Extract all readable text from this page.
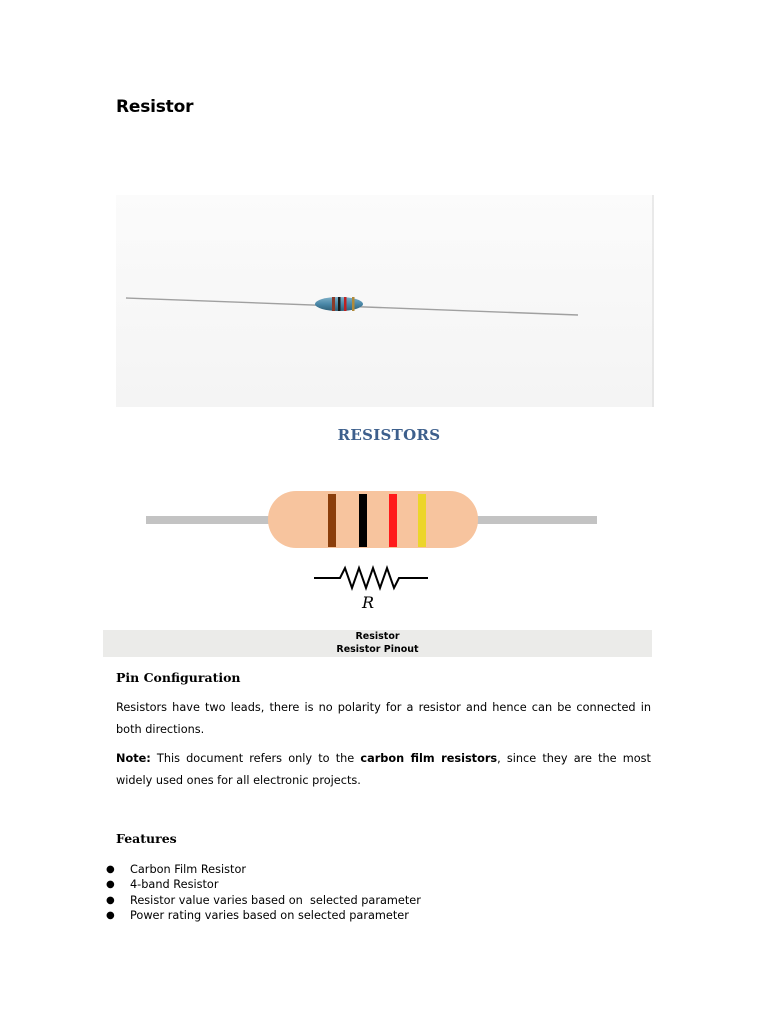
Resistor
RESISTORS
R
Resistor
Resistor Pinout
Pin Configuration
Resistors have two leads, there is no polarity for a resistor and hence can be connected in both directions.
Note: This document refers only to the carbon film resistors, since they are the most widely used ones for all electronic projects.
Features
● Carbon Film Resistor
● 4-band Resistor
● Resistor value varies based on  selected parameter
● Power rating varies based on selected parameter
